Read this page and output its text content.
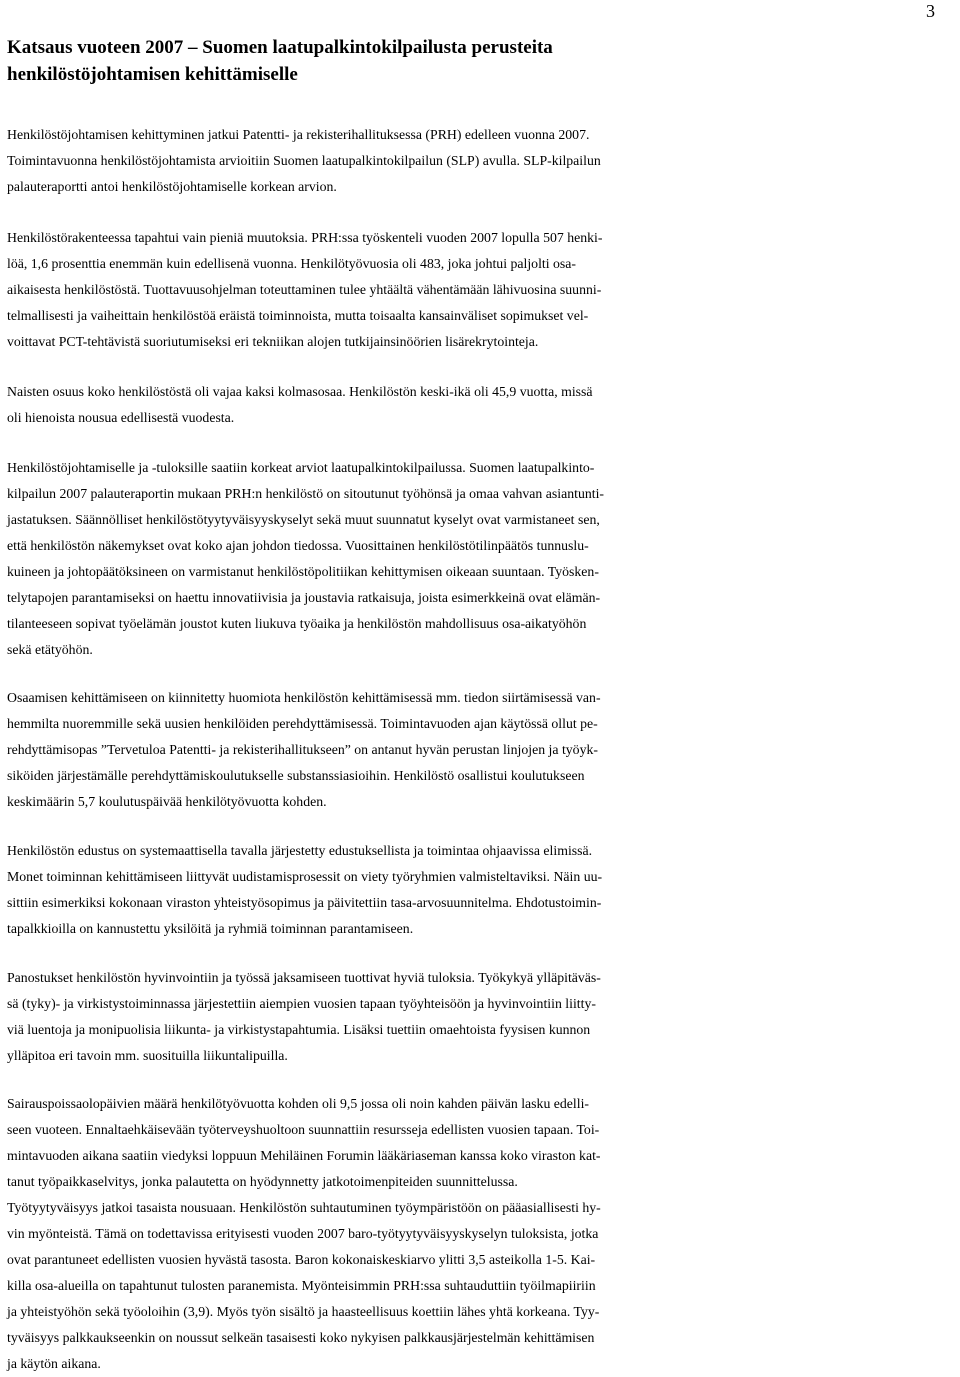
3
Katsaus vuoteen 2007 – Suomen laatupalkintokilpailusta perusteita
henkilöstöjohtamisen kehittämiselle

Henkilöstöjohtamisen kehittyminen jatkui Patentti- ja rekisterihallituksessa (PRH) edelleen vuonna 2007.
Toimintavuonna henkilöstöjohtamista arvioitiin Suomen laatupalkintokilpailun (SLP) avulla. SLP-kilpailun
palauteraportti antoi henkilöstöjohtamiselle korkean arvion.

Henkilöstörakenteessa tapahtui vain pieniä muutoksia. PRH:ssa työskenteli vuoden 2007 lopulla 507 henki-
löä, 1,6 prosenttia enemmän kuin edellisenä vuonna. Henkilötyövuosia oli 483, joka johtui paljolti osa-
aikaisesta henkilöstöstä. Tuottavuusohjelman toteuttaminen tulee yhtäältä vähentämään lähivuosina suunni-
telmallisesti ja vaiheittain henkilöstöä eräistä toiminnoista, mutta toisaalta kansainväliset sopimukset vel-
voittavat PCT-tehtävistä suoriutumiseksi eri tekniikan alojen tutkijainsinöörien lisärekrytointeja.

Naisten osuus koko henkilöstöstä oli vajaa kaksi kolmasosaa. Henkilöstön keski-ikä oli 45,9 vuotta, missä
oli hienoista nousua edellisestä vuodesta.

Henkilöstöjohtamiselle ja -tuloksille saatiin korkeat arviot laatupalkintokilpailussa. Suomen laatupalkinto-
kilpailun 2007 palauteraportin mukaan PRH:n henkilöstö on sitoutunut työhönsä ja omaa vahvan asiantunti-
jastatuksen. Säännölliset henkilöstötyytyväisyyskyselyt sekä muut suunnatut kyselyt ovat varmistaneet sen,
että henkilöstön näkemykset ovat koko ajan johdon tiedossa. Vuosittainen henkilöstötilinpäätös tunnuslu-
kuineen ja johtopäätöksineen on varmistanut henkilöstöpolitiikan kehittymisen oikeaan suuntaan. Työsken-
telytapojen parantamiseksi on haettu innovatiivisia ja joustavia ratkaisuja, joista esimerkkeinä ovat elämän-
tilanteeseen sopivat työelämän joustot kuten liukuva työaika ja henkilöstön mahdollisuus osa-aikatyöhön
sekä etätyöhön.

Osaamisen kehittämiseen on kiinnitetty huomiota henkilöstön kehittämisessä mm. tiedon siirtämisessä van-
hemmilta nuoremmille sekä uusien henkilöiden perehdyttämisessä. Toimintavuoden ajan käytössä ollut pe-
rehdyttämisopas ”Tervetuloa Patentti- ja rekisterihallitukseen” on antanut hyvän perustan linjojen ja työyk-
siköiden järjestämälle perehdyttämiskoulutukselle substanssiasioihin. Henkilöstö osallistui koulutukseen
keskimäärin 5,7 koulutuspäivää henkilötyövuotta kohden.

Henkilöstön edustus on systemaattisella tavalla järjestetty edustuksellista ja toimintaa ohjaavissa elimissä.
Monet toiminnan kehittämiseen liittyvät uudistamisprosessit on viety työryhmien valmisteltaviksi. Näin uu-
sittiin esimerkiksi kokonaan viraston yhteistyösopimus ja päivitettiin tasa-arvosuunnitelma. Ehdotustoimin-
tapalkkioilla on kannustettu yksilöitä ja ryhmiä toiminnan parantamiseen.

Panostukset henkilöstön hyvinvointiin ja työssä jaksamiseen tuottivat hyviä tuloksia. Työkykyä ylläpitäväs-
sä (tyky)- ja virkistystoiminnassa järjestettiin aiempien vuosien tapaan työyhteisöön ja hyvinvointiin liitty-
viä luentoja ja monipuolisia liikunta- ja virkistystapahtumia. Lisäksi tuettiin omaehtoista fyysisen kunnon
ylläpitoa eri tavoin mm. suosituilla liikuntalipuilla.

Sairauspoissaolopäivien määrä henkilötyövuotta kohden oli 9,5 jossa oli noin kahden päivän lasku edelli-
seen vuoteen. Ennaltaehkäisevään työterveyshuoltoon suunnattiin resursseja edellisten vuosien tapaan. Toi-
mintavuoden aikana saatiin viedyksi loppuun Mehiläinen Forumin lääkäriaseman kanssa koko viraston kat-
tanut työpaikkaselvitys, jonka palautetta on hyödynnetty jatkotoimenpiteiden suunnittelussa.
Työtyytyväisyys jatkoi tasaista nousuaan. Henkilöstön suhtautuminen työympäristöön on pääasiallisesti hy-
vin myönteistä. Tämä on todettavissa erityisesti vuoden 2007 baro-työtyytyväisyyskyselyn tuloksista, jotka
ovat parantuneet edellisten vuosien hyvästä tasosta. Baron kokonaiskeskiarvo ylitti 3,5 asteikolla 1-5. Kai-
killa osa-alueilla on tapahtunut tulosten paranemista. Myönteisimmin PRH:ssa suhtauduttiin työilmapiiriin
ja yhteistyöhön sekä työoloihin (3,9). Myös työn sisältö ja haasteellisuus koettiin lähes yhtä korkeana. Tyy-
tyväisyys palkkaukseenkin on noussut selkeän tasaisesti koko nykyisen palkkausjärjestelmän kehittämisen
ja käytön aikana.
